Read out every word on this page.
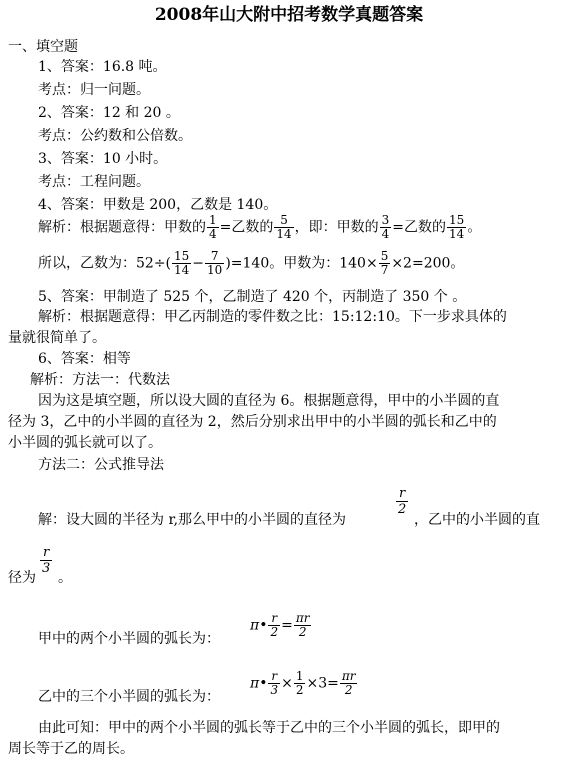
2008年山大附中招考数学真题答案
一、填空题
1、答案：16.8 吨。
考点：归一问题。
2、答案：12 和 20 。
考点：公约数和公倍数。
3、答案：10 小时。
考点：工程问题。
4、答案：甲数是 200，乙数是 140。
解析：根据题意得：甲数的 $\frac{1}{4}$ =乙数的 $\frac{5}{14}$ ，即：甲数的 $\frac{3}{4}$ =乙数的 $\frac{15}{14}$ 。
所以，乙数为：$52\div( \frac{15}{14} - \frac{7}{10} )=140$。甲数为：$140\times \frac{5}{7} \times 2=200$。
5、答案：甲制造了 525 个，乙制造了 420 个，丙制造了 350 个 。
解析：根据题意得：甲乙丙制造的零件数之比：15:12:10。下一步求具体的
量就很简单了。
6、答案：相等
解析：方法一：代数法
因为这是填空题，所以设大圆的直径为 6。根据题意得，甲中的小半圆的直
径为 3，乙中的小半圆的直径为 2，然后分别求出甲中的小半圆的弧长和乙中的
小半圆的弧长就可以了。
方法二：公式推导法
解：设大圆的半径为 r,那么甲中的小半圆的直径为
r
2
，乙中的小半圆的直
径为
r
3
。
甲中的两个小半圆的弧长为：
π• $\frac{r}{2} = \frac{\pi r}{2}$
乙中的三个小半圆的弧长为：
π• $\frac{r}{3} \times \frac{1}{2} \times 3= \frac{\pi r}{2}$
由此可知：甲中的两个小半圆的弧长等于乙中的三个小半圆的弧长，即甲的
周长等于乙的周长。
